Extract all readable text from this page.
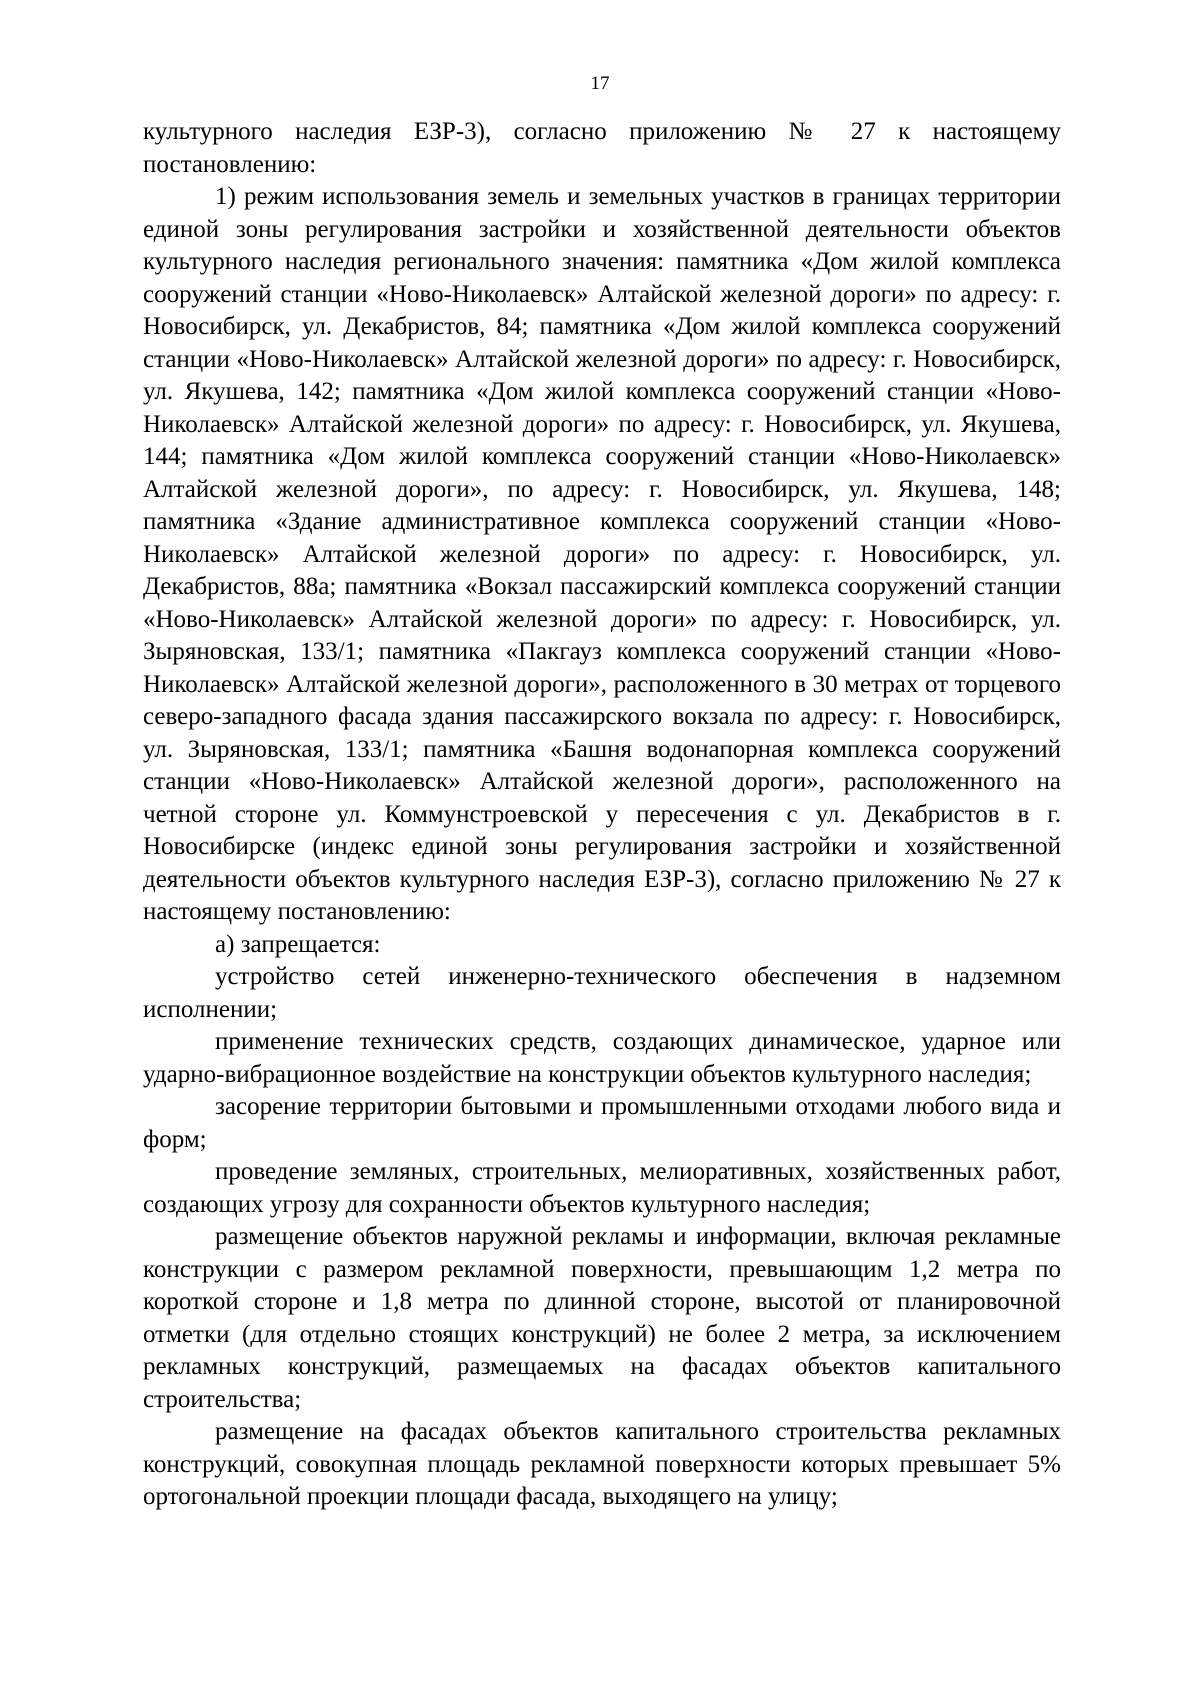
17

культурного наследия ЕЗР-3), согласно приложению № 27 к настоящему постановлению:

1) режим использования земель и земельных участков в границах территории единой зоны регулирования застройки и хозяйственной деятельности объектов культурного наследия регионального значения: памятника «Дом жилой комплекса сооружений станции «Ново-Николаевск» Алтайской железной дороги» по адресу: г. Новосибирск, ул. Декабристов, 84; памятника «Дом жилой комплекса сооружений станции «Ново-Николаевск» Алтайской железной дороги» по адресу: г. Новосибирск, ул. Якушева, 142; памятника «Дом жилой комплекса сооружений станции «Ново-Николаевск» Алтайской железной дороги» по адресу: г. Новосибирск, ул. Якушева, 144; памятника «Дом жилой комплекса сооружений станции «Ново-Николаевск» Алтайской железной дороги», по адресу: г. Новосибирск, ул. Якушева, 148; памятника «Здание административное комплекса сооружений станции «Ново-Николаевск» Алтайской железной дороги» по адресу: г. Новосибирск, ул. Декабристов, 88а; памятника «Вокзал пассажирский комплекса сооружений станции «Ново-Николаевск» Алтайской железной дороги» по адресу: г. Новосибирск, ул. Зыряновская, 133/1; памятника «Пакгауз комплекса сооружений станции «Ново-Николаевск» Алтайской железной дороги», расположенного в 30 метрах от торцевого северо-западного фасада здания пассажирского вокзала по адресу: г. Новосибирск, ул. Зыряновская, 133/1; памятника «Башня водонапорная комплекса сооружений станции «Ново-Николаевск» Алтайской железной дороги», расположенного на четной стороне ул. Коммунстроевской у пересечения с ул. Декабристов в г. Новосибирске (индекс единой зоны регулирования застройки и хозяйственной деятельности объектов культурного наследия ЕЗР-3), согласно приложению № 27 к настоящему постановлению:

а) запрещается:

устройство сетей инженерно-технического обеспечения в надземном исполнении;

применение технических средств, создающих динамическое, ударное или ударно-вибрационное воздействие на конструкции объектов культурного наследия;

засорение территории бытовыми и промышленными отходами любого вида и форм;

проведение земляных, строительных, мелиоративных, хозяйственных работ, создающих угрозу для сохранности объектов культурного наследия;

размещение объектов наружной рекламы и информации, включая рекламные конструкции с размером рекламной поверхности, превышающим 1,2 метра по короткой стороне и 1,8 метра по длинной стороне, высотой от планировочной отметки (для отдельно стоящих конструкций) не более 2 метра, за исключением рекламных конструкций, размещаемых на фасадах объектов капитального строительства;

размещение на фасадах объектов капитального строительства рекламных конструкций, совокупная площадь рекламной поверхности которых превышает 5% ортогональной проекции площади фасада, выходящего на улицу;
